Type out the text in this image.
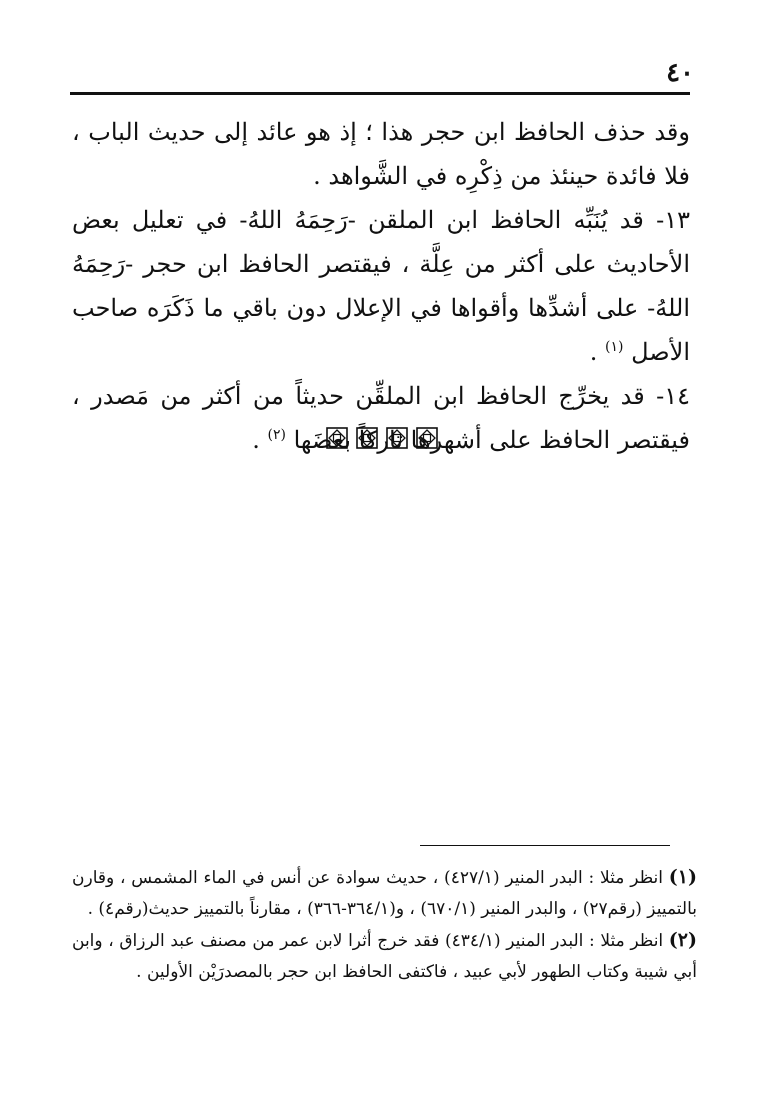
٤٠

وقد حذف الحافظ ابن حجر هذا ؛ إذ هو عائد إلى حديث الباب ، فلا فائدة حينئذ من ذِكْرِه في الشَّواهد .

١٣- قد يُنَبِّه الحافظ ابن الملقن -رَحِمَهُ اللهُ- في تعليل بعض الأحاديث على أكثر من عِلَّة ، فيقتصر الحافظ ابن حجر -رَحِمَهُ اللهُ- على أشدِّها وأقواها في الإعلال دون باقي ما ذَكَرَه صاحب الأصل $^{(١)}$ .

١٤- قد يخرِّج الحافظ ابن الملقِّن حديثاً من أكثر من مَصدر ، فيقتصر الحافظ على أشهرها تاركاً بعضَها $^{(٢)}$ .

(١) انظر مثلا : البدر المنير (٤٢٧/١) ، حديث سوادة عن أنس في الماء المشمس ، وقارن بالتمييز (رقم٢٧) ، والبدر المنير (٦٧٠/١) ، و(٣٦٤/١-٣٦٦) ، مقارناً بالتمييز حديث(رقم٤) .

(٢) انظر مثلا : البدر المنير (٤٣٤/١) فقد خرج أثرا لابن عمر من مصنف عبد الرزاق ، وابن أبي شيبة وكتاب الطهور لأبي عبيد ، فاكتفى الحافظ ابن حجر بالمصدرَيْن الأولين .
